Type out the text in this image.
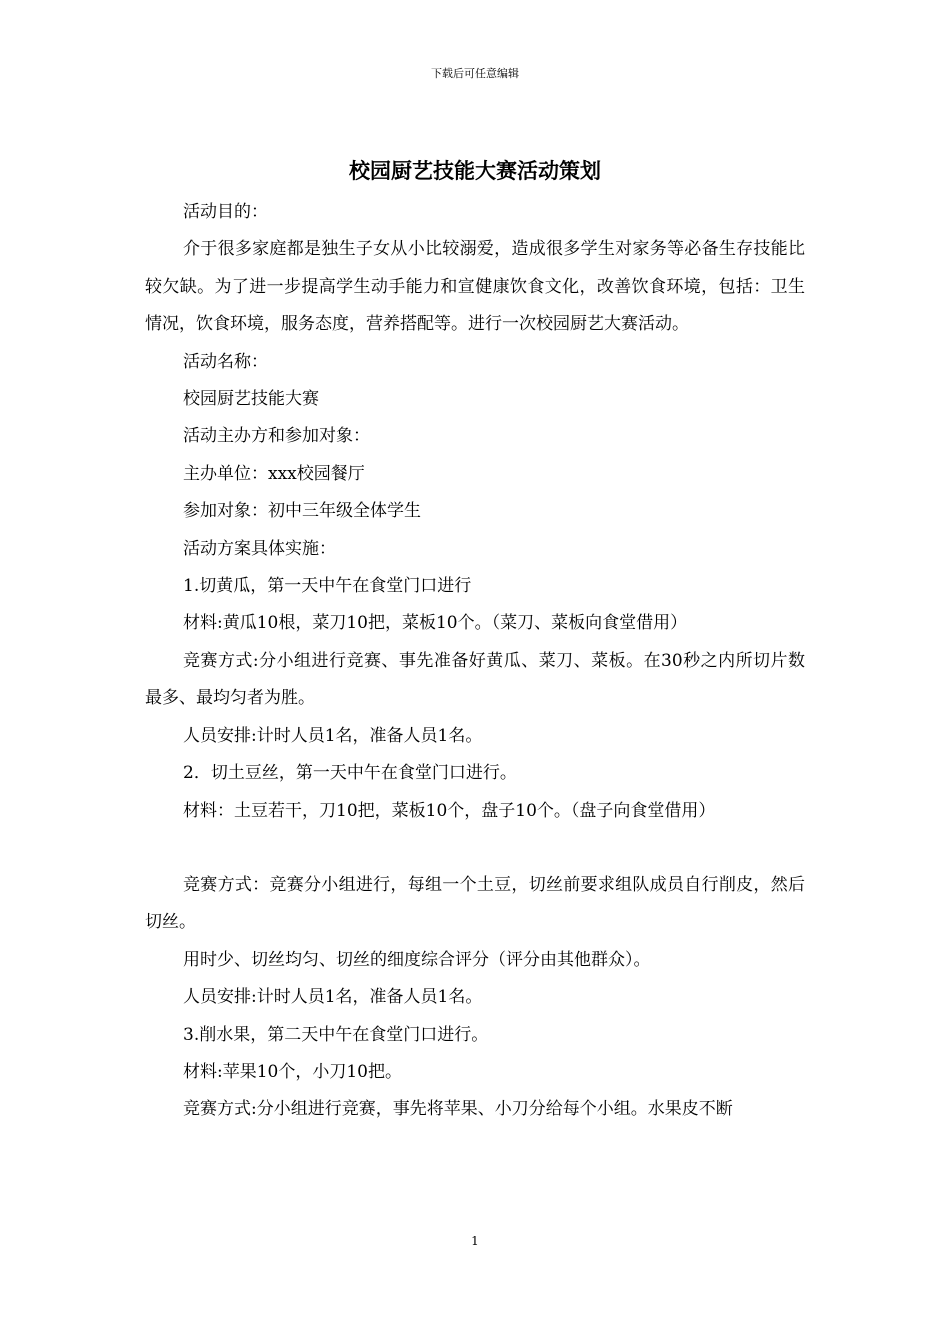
下载后可任意编辑
校园厨艺技能大赛活动策划

活动目的：

介于很多家庭都是独生子女从小比较溺爱，造成很多学生对家务等必备生存技能比较欠缺。为了进一步提高学生动手能力和宣健康饮食文化，改善饮食环境，包括：卫生情况，饮食环境，服务态度，营养搭配等。进行一次校园厨艺大赛活动。

活动名称：

校园厨艺技能大赛

活动主办方和参加对象：

主办单位：xxx校园餐厅

参加对象：初中三年级全体学生

活动方案具体实施：

1.切黄瓜，第一天中午在食堂门口进行

材料:黄瓜10根，菜刀10把，菜板10个。（菜刀、菜板向食堂借用）

竞赛方式:分小组进行竞赛、事先准备好黄瓜、菜刀、菜板。在30秒之内所切片数最多、最均匀者为胜。

人员安排:计时人员1名，准备人员1名。

2．切土豆丝，第一天中午在食堂门口进行。

材料：土豆若干，刀10把，菜板10个，盘子10个。（盘子向食堂借用）

竞赛方式：竞赛分小组进行，每组一个土豆，切丝前要求组队成员自行削皮，然后切丝。

用时少、切丝均匀、切丝的细度综合评分（评分由其他群众）。

人员安排:计时人员1名，准备人员1名。

3.削水果，第二天中午在食堂门口进行。

材料:苹果10个，小刀10把。

竞赛方式:分小组进行竞赛，事先将苹果、小刀分给每个小组。水果皮不断

1
